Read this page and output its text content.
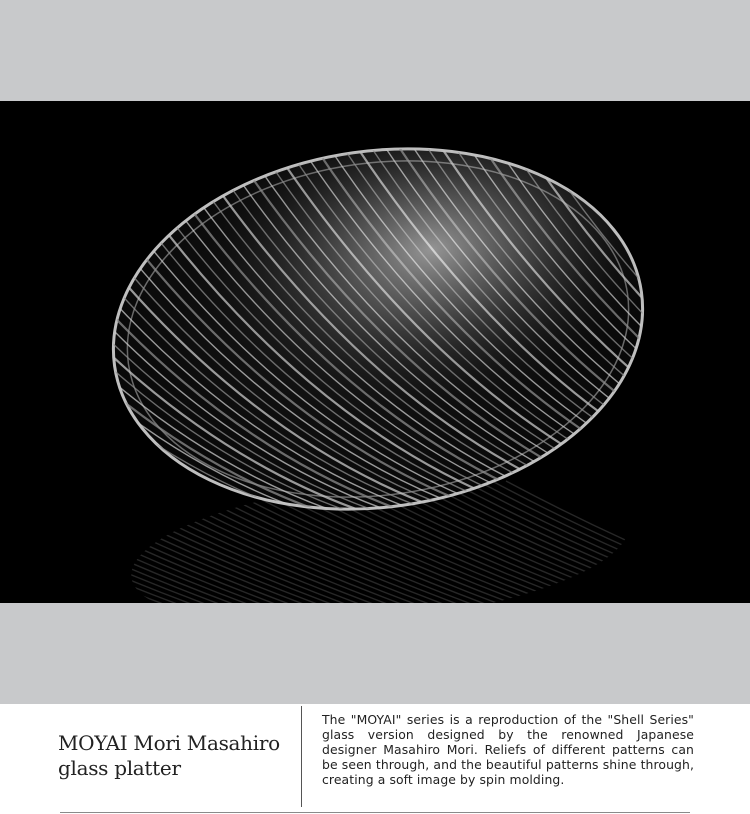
MOYAI Mori Masahiro
glass platter
The "MOYAI" series is a reproduction of the "Shell Series" glass version designed by the renowned Japanese designer Masahiro Mori. Reliefs of different patterns can be seen through, and the beautiful patterns shine through, creating a soft image by spin molding.
